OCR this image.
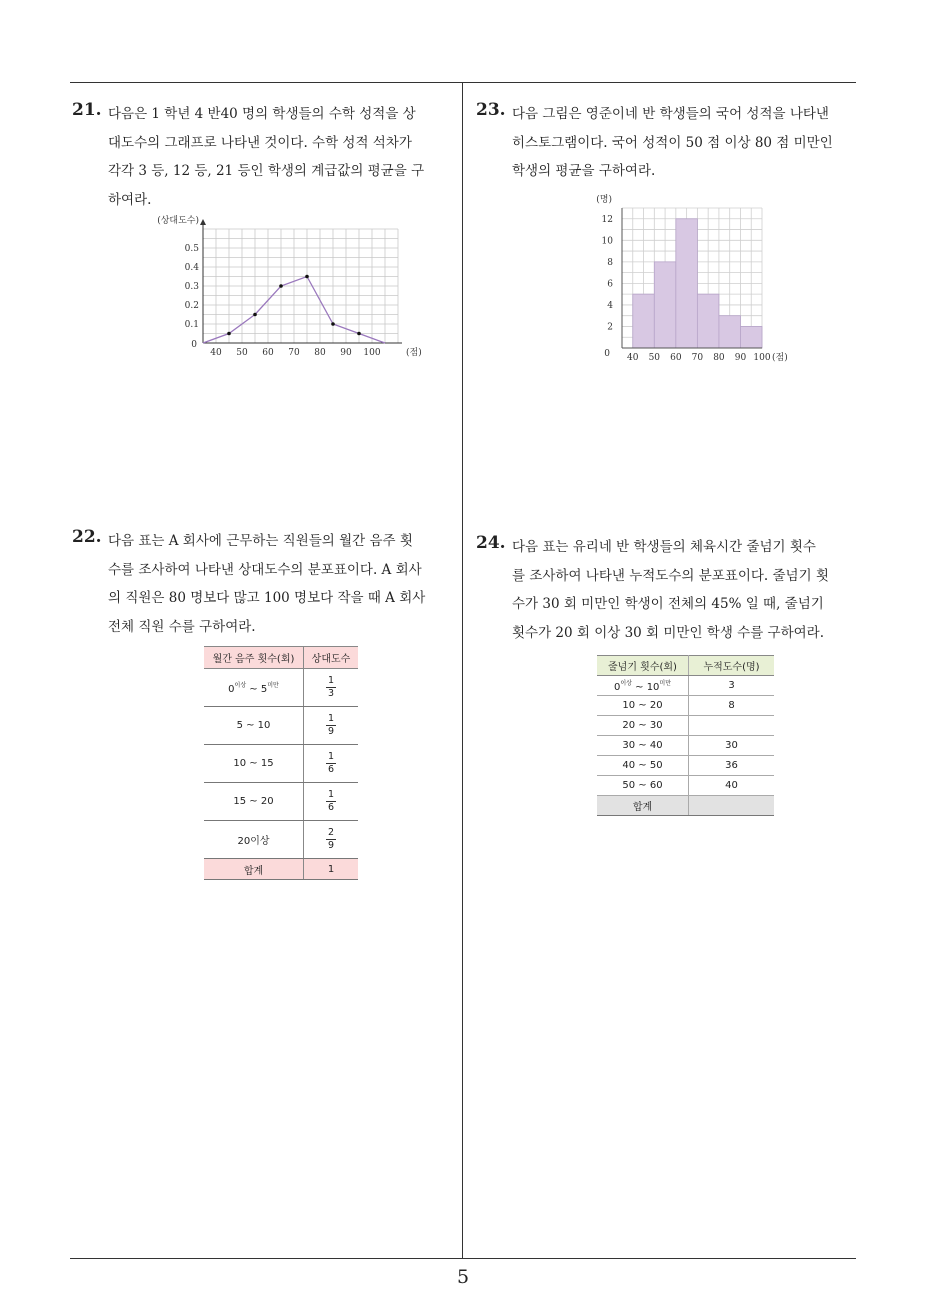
21. 다음은 1 학년 4 반40 명의 학생들의 수학 성적을 상
대도수의 그래프로 나타낸 것이다. 수학 성적 석차가
각각 3 등, 12 등, 21 등인 학생의 계급값의 평균을 구
하여라.
23. 다음 그림은 영준이네 반 학생들의 국어 성적을 나타낸
히스토그램이다. 국어 성적이 50 점 이상 80 점 미만인
학생의 평균을 구하여라.
22. 다음 표는 A 회사에 근무하는 직원들의 월간 음주 횟
수를 조사하여 나타낸 상대도수의 분포표이다. A 회사
의 직원은 80 명보다 많고 100 명보다 작을 때 A 회사
전체 직원 수를 구하여라.
24. 다음 표는 유리네 반 학생들의 체육시간 줄넘기 횟수
를 조사하여 나타낸 누적도수의 분포표이다. 줄넘기 횟
수가 30 회 미만인 학생이 전체의 45% 일 때, 줄넘기
횟수가 20 회 이상 30 회 미만인 학생 수를 구하여라.
0.1
0.2
0.3
0.4
0.5
40 50 60 70 80 90 100
0
(점)
(상대도수)
2
4
6
8
10
12
40 50 60 70 80 90 100
0	(점)
(명)
월간 음주 횟수(회)	상대도수
$0^{이상}$ ~ $5^{미만}$	$\frac{1}{3}$

5 ~ 10	$\frac{1}{9}$

10 ~ 15	$\frac{1}{6}$

15 ~ 20	$\frac{1}{6}$

20이상	$\frac{2}{9}$

합계	1
줄넘기 횟수(회)	누적도수(명)
$0^{이상}$ ~ $10^{미만}$	3
10 ~ 20	8
20 ~ 30	
30 ~ 40	30
40 ~ 50	36
50 ~ 60	40
합계	
5
